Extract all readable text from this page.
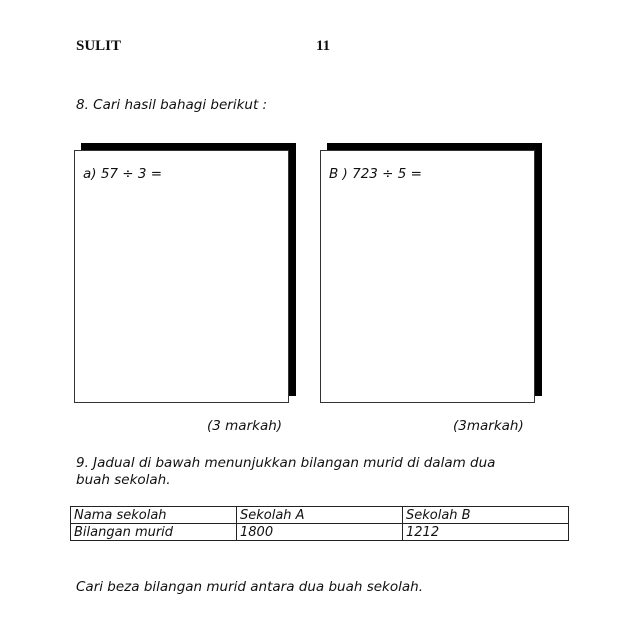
SULIT	11
8. Cari hasil bahagi berikut :
a) 57 ÷ 3 =	B ) 723 ÷ 5 =
(3 markah)	(3markah)
9. Jadual di bawah menunjukkan bilangan murid di dalam dua
buah sekolah.
Nama sekolah	Sekolah A	Sekolah B
Bilangan murid	1800	1212
Cari beza bilangan murid antara dua buah sekolah.
